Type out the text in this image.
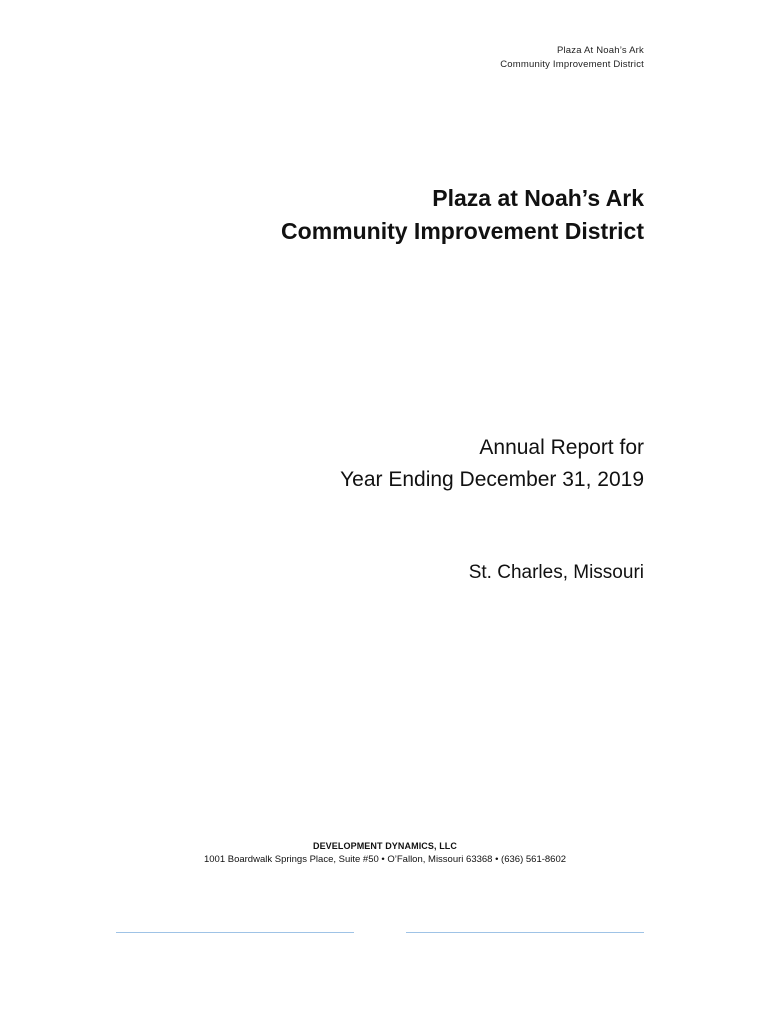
Plaza At Noah’s Ark
Community Improvement District
Plaza at Noah’s Ark
Community Improvement District
Annual Report for
Year Ending December 31, 2019
St. Charles, Missouri
DEVELOPMENT DYNAMICS, LLC
1001 Boardwalk Springs Place, Suite #50 • O’Fallon, Missouri 63368 • (636) 561-8602
